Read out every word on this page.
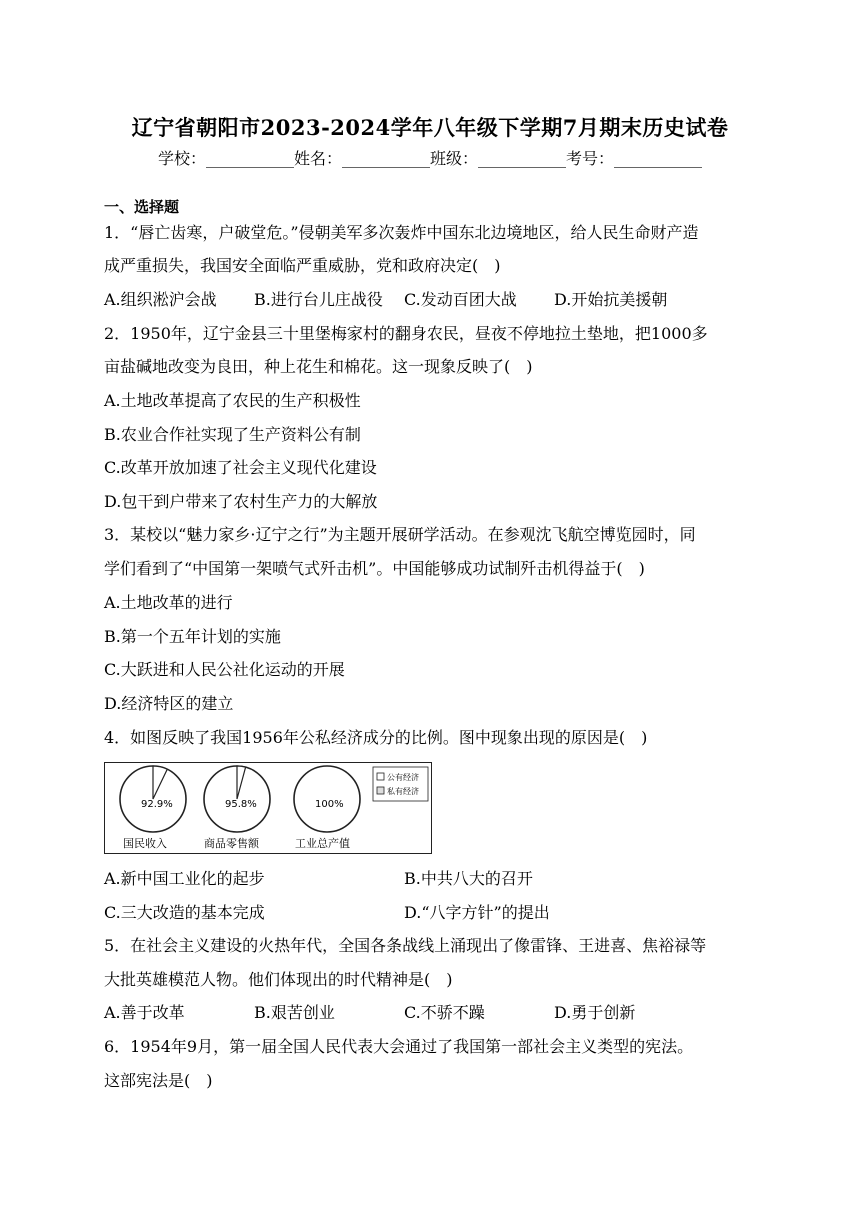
辽宁省朝阳市2023-2024学年八年级下学期7月期末历史试卷
学校：___________姓名：___________班级：___________考号：___________
一、选择题
1．“唇亡齿寒，户破堂危。”侵朝美军多次轰炸中国东北边境地区，给人民生命财产造
成严重损失，我国安全面临严重威胁，党和政府决定(　)
A.组织淞沪会战 B.进行台儿庄战役 C.发动百团大战 D.开始抗美援朝
2．1950年，辽宁金县三十里堡梅家村的翻身农民，昼夜不停地拉土垫地，把1000多
亩盐碱地改变为良田，种上花生和棉花。这一现象反映了(　)
A.土地改革提高了农民的生产积极性
B.农业合作社实现了生产资料公有制
C.改革开放加速了社会主义现代化建设
D.包干到户带来了农村生产力的大解放
3．某校以“魅力家乡·辽宁之行”为主题开展研学活动。在参观沈飞航空博览园时，同
学们看到了“中国第一架喷气式歼击机”。中国能够成功试制歼击机得益于(　)
A.土地改革的进行
B.第一个五年计划的实施
C.大跃进和人民公社化运动的开展
D.经济特区的建立
4．如图反映了我国1956年公私经济成分的比例。图中现象出现的原因是(　)
92.9%
国民收入
95.8%
商品零售额
100%
工业总产值
公有经济
私有经济
A.新中国工业化的起步	B.中共八大的召开
C.三大改造的基本完成	D.“八字方针”的提出
5．在社会主义建设的火热年代，全国各条战线上涌现出了像雷锋、王进喜、焦裕禄等
大批英雄模范人物。他们体现出的时代精神是(　)
A.善于改革	B.艰苦创业	C.不骄不躁	D.勇于创新
6．1954年9月，第一届全国人民代表大会通过了我国第一部社会主义类型的宪法。
这部宪法是(　)
